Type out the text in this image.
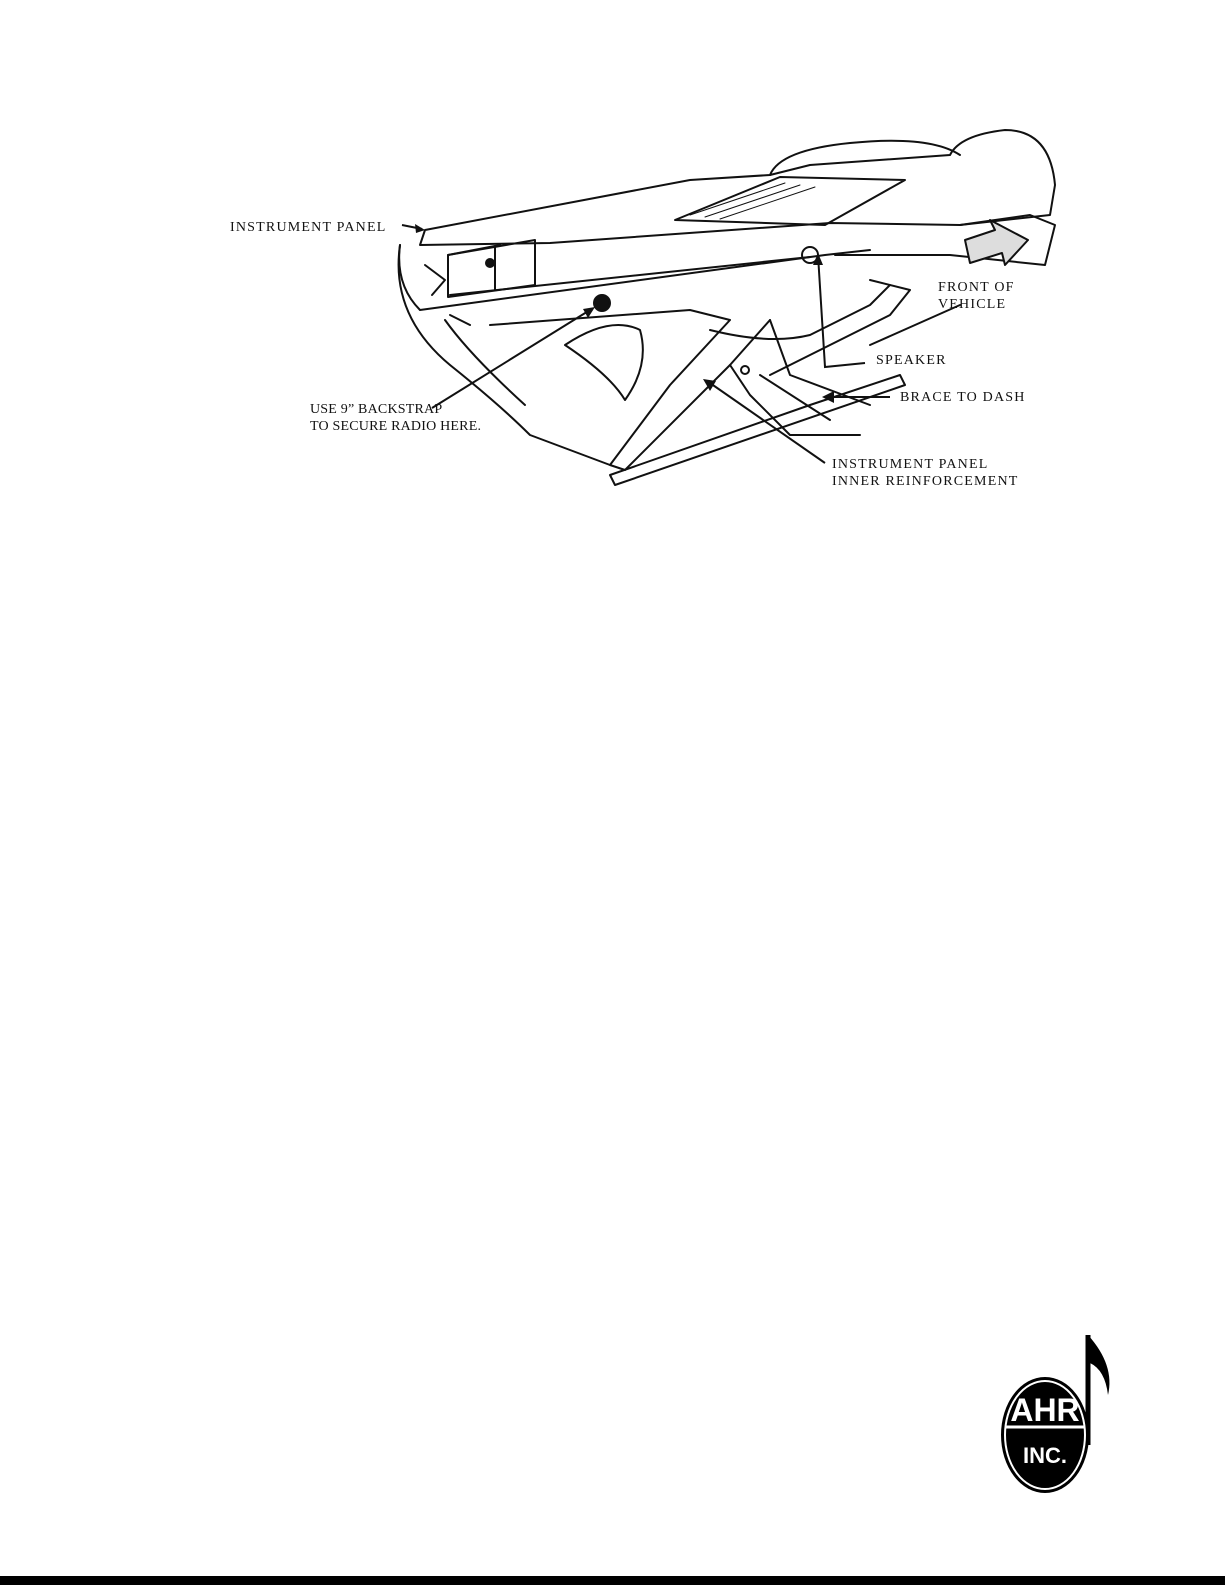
INSTRUMENT PANEL
FRONT OF
VEHICLE
SPEAKER
BRACE TO DASH
USE 9” BACKSTRAP
TO SECURE RADIO HERE.
INSTRUMENT PANEL
INNER REINFORCEMENT
AHR
INC.
